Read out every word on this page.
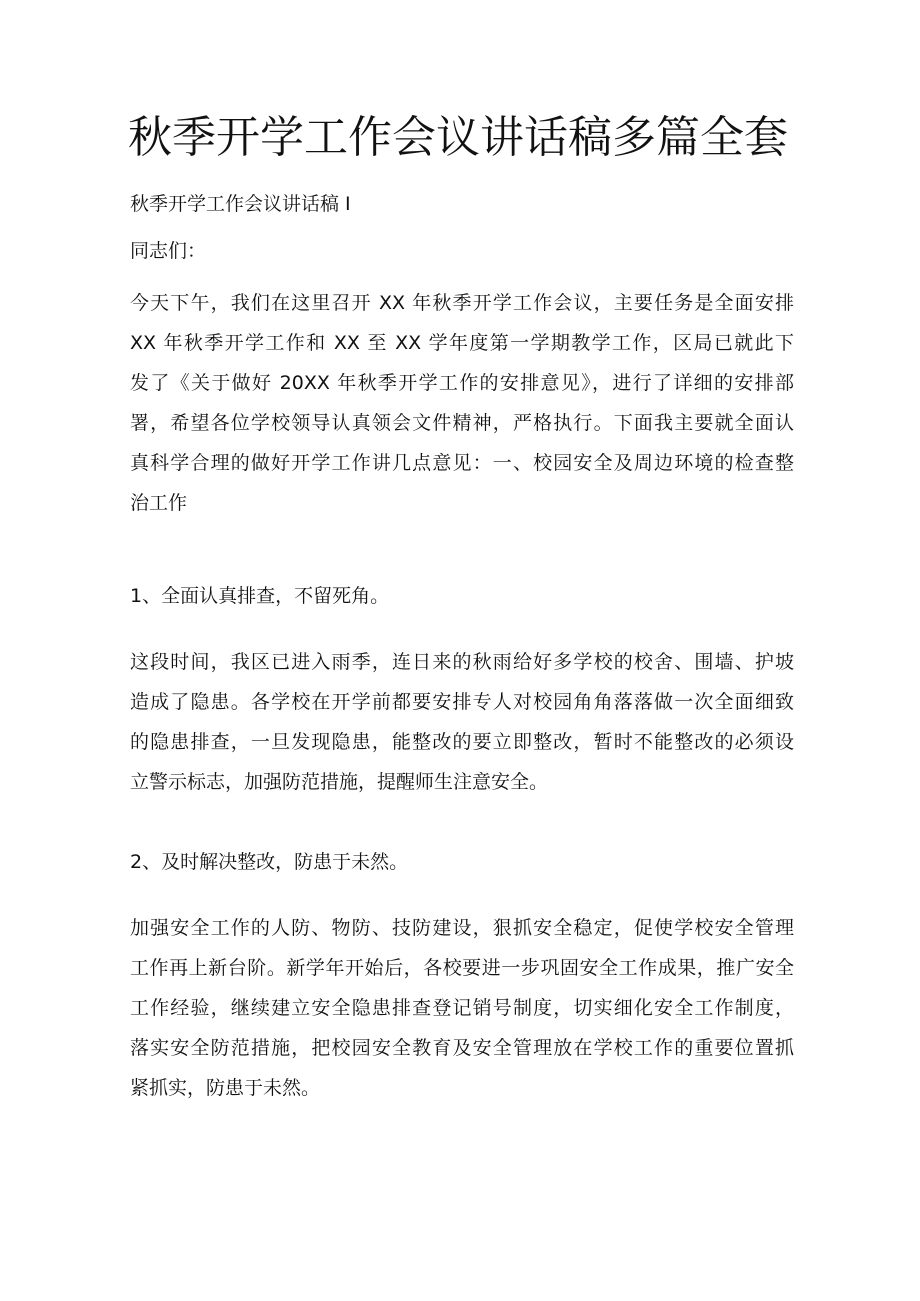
秋季开学工作会议讲话稿多篇全套

秋季开学工作会议讲话稿 I

同志们：

今天下午，我们在这里召开 XX 年秋季开学工作会议，主要任务是全面安排
XX 年秋季开学工作和 XX 至 XX 学年度第一学期教学工作，区局已就此下
发了《关于做好 20XX 年秋季开学工作的安排意见》，进行了详细的安排部
署，希望各位学校领导认真领会文件精神，严格执行。下面我主要就全面认
真科学合理的做好开学工作讲几点意见：一、校园安全及周边环境的检查整
治工作

1、全面认真排查，不留死角。

这段时间，我区已进入雨季，连日来的秋雨给好多学校的校舍、围墙、护坡
造成了隐患。各学校在开学前都要安排专人对校园角角落落做一次全面细致
的隐患排查，一旦发现隐患，能整改的要立即整改，暂时不能整改的必须设
立警示标志，加强防范措施，提醒师生注意安全。

2、及时解决整改，防患于未然。

加强安全工作的人防、物防、技防建设，狠抓安全稳定，促使学校安全管理
工作再上新台阶。新学年开始后，各校要进一步巩固安全工作成果，推广安全
工作经验，继续建立安全隐患排查登记销号制度，切实细化安全工作制度，
落实安全防范措施，把校园安全教育及安全管理放在学校工作的重要位置抓
紧抓实，防患于未然。
